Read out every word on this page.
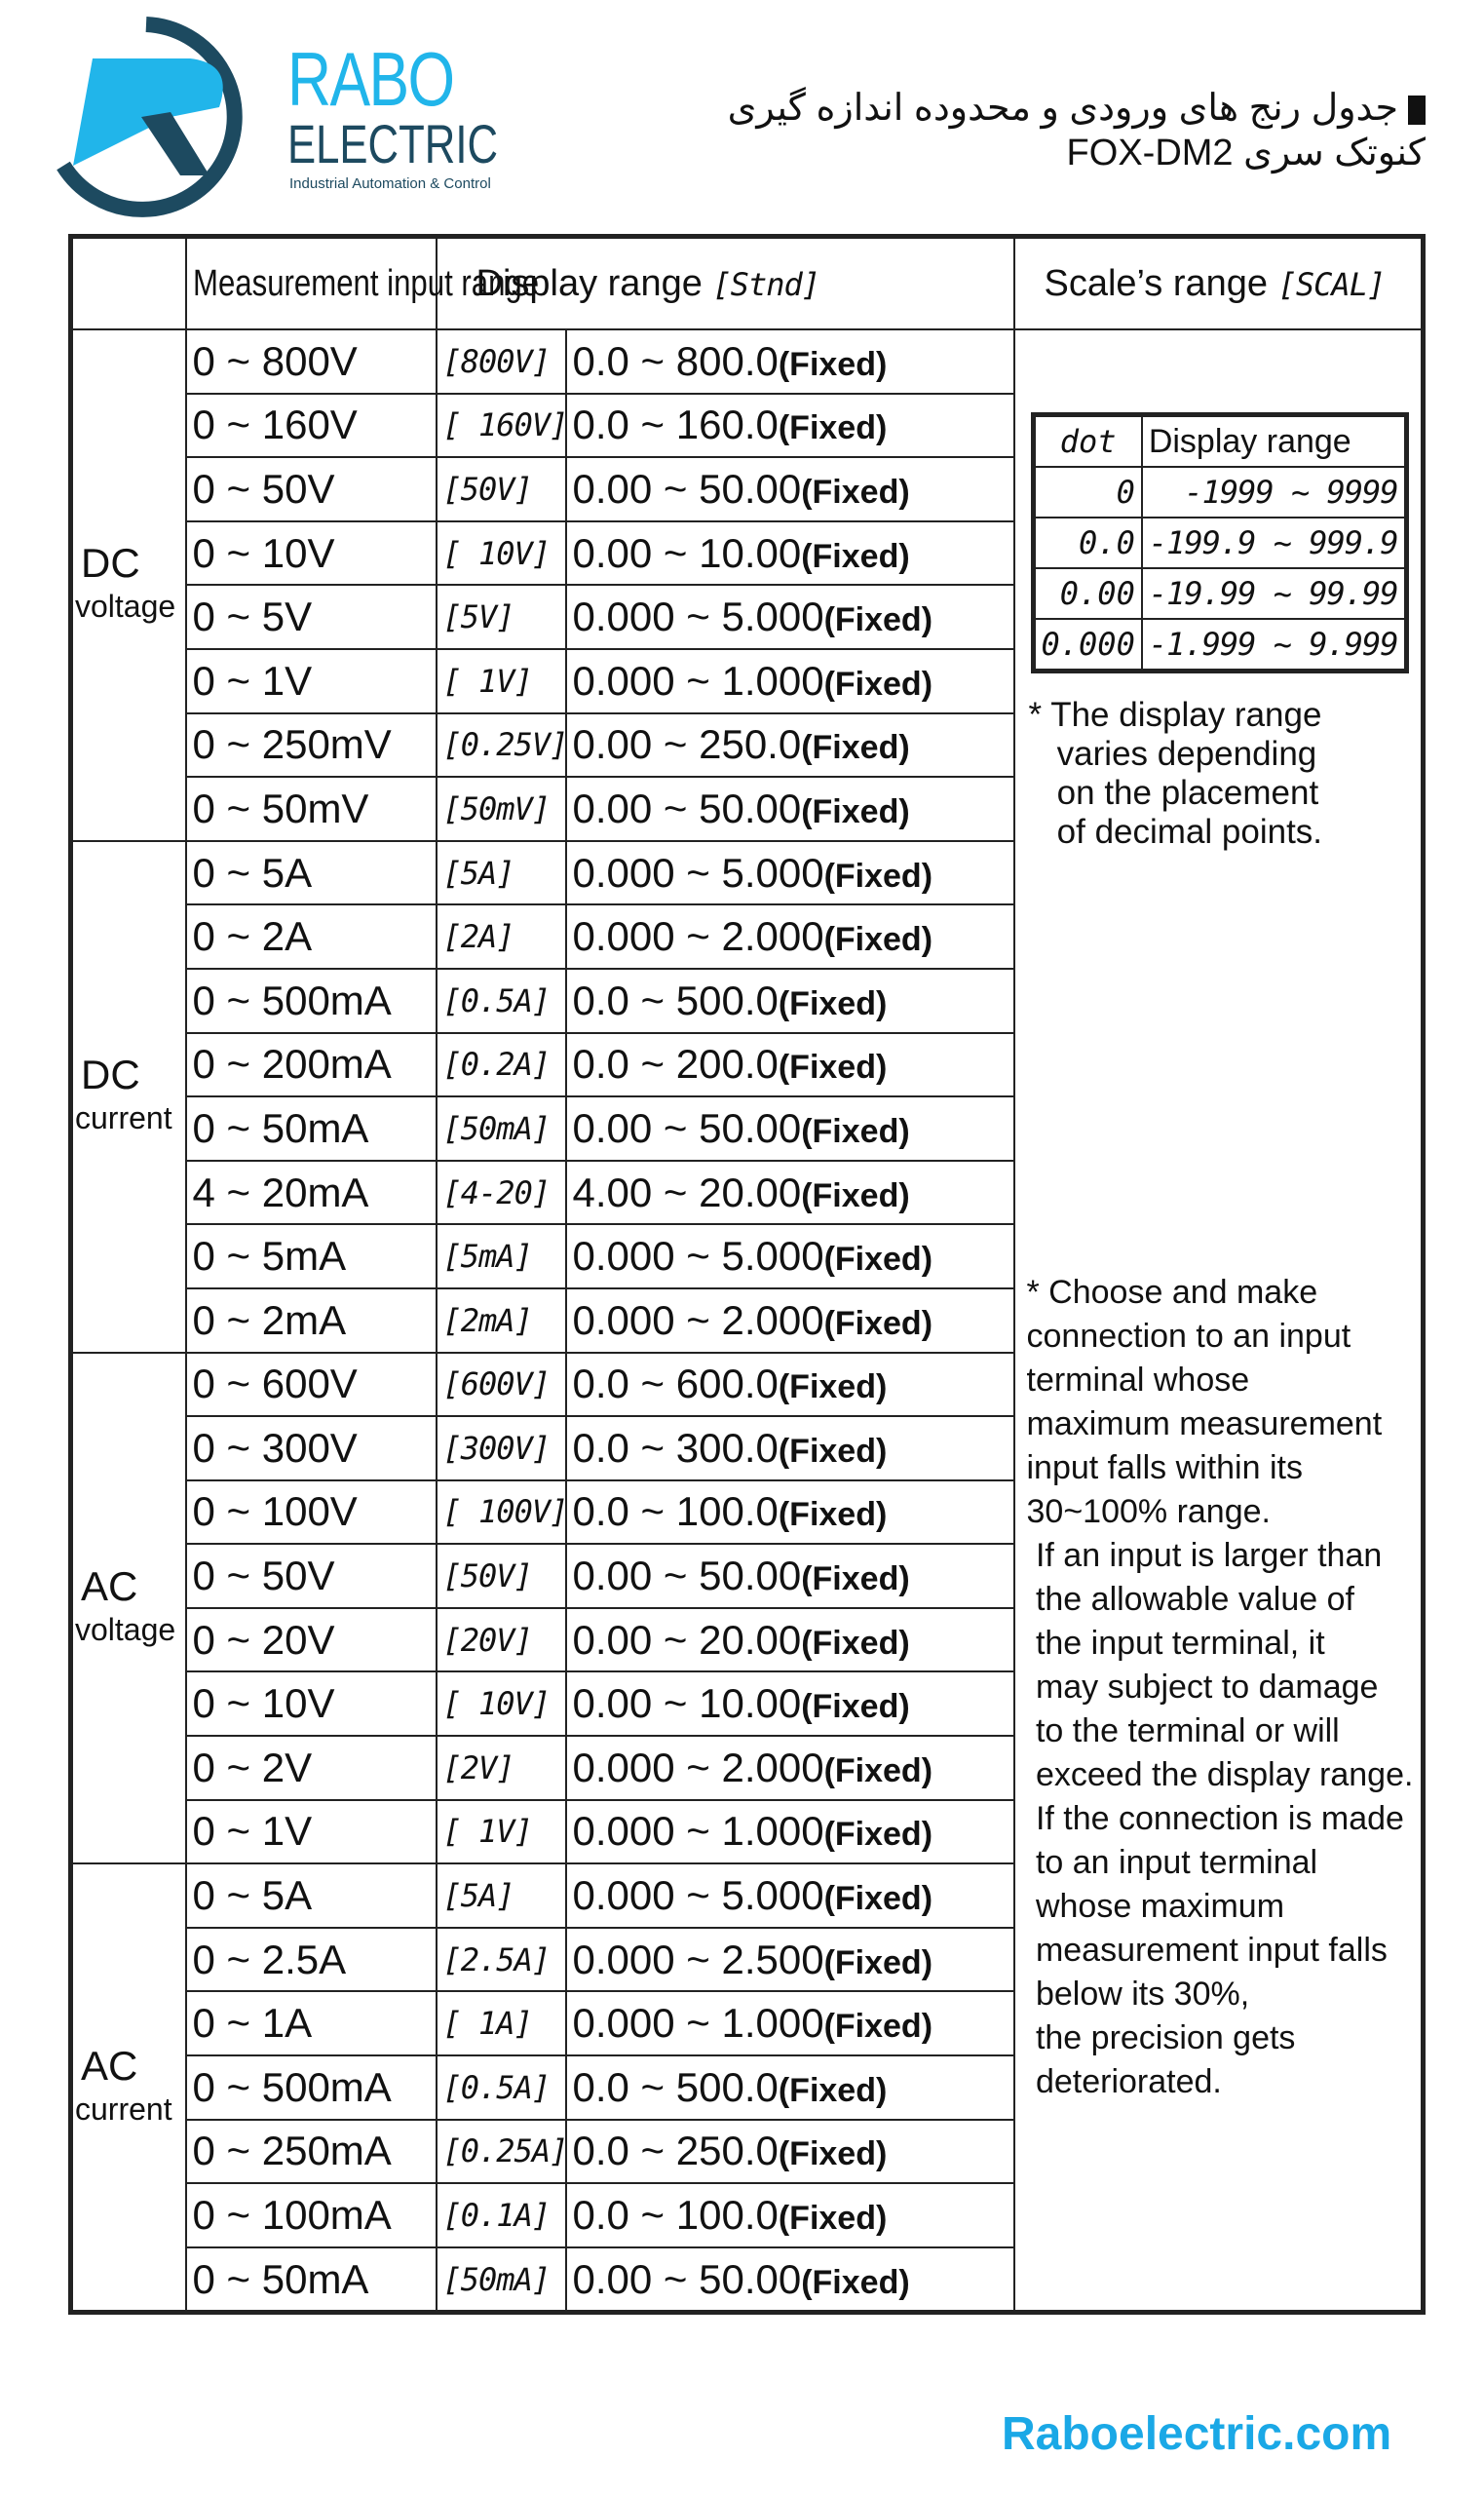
RABO
ELECTRIC
Industrial Automation & Control
جدول رنج های ورودی و محدوده اندازه گیری
کنوتک سری FOX-DM2
	Measurement input range	Display range [Stnd]	Scale’s range [SCAL]
DC
voltage
	0 ~ 800V	[800V]	0.0 ~ 800.0(Fixed)	
dot	Display range
0	-1999 ~ 9999
0.0	-199.9 ~ 999.9
0.00	-19.99 ~ 99.99
0.000	-1.999 ~ 9.999
* The display range
varies depending
on the placement
of decimal points.
* Choose and make
connection to an input
terminal whose
maximum measurement
input falls within its
30~100% range.
If an input is larger than
the allowable value of
the input terminal, it
may subject to damage
to the terminal or will
exceed the display range.
If the connection is made
to an input terminal
whose maximum
measurement input falls
below its 30%,
the precision gets
deteriorated.

0 ~ 160V	[ 160V]	0.0 ~ 160.0(Fixed)
0 ~ 50V	[50V]	0.00 ~ 50.00(Fixed)
0 ~ 10V	[ 10V]	0.00 ~ 10.00(Fixed)
0 ~ 5V	[5V]	0.000 ~ 5.000(Fixed)
0 ~ 1V	[ 1V]	0.000 ~ 1.000(Fixed)
0 ~ 250mV	[0.25V]	0.00 ~ 250.0(Fixed)
0 ~ 50mV	[50mV]	0.00 ~ 50.00(Fixed)
DC
current
	0 ~ 5A	[5A]	0.000 ~ 5.000(Fixed)
0 ~ 2A	[2A]	0.000 ~ 2.000(Fixed)
0 ~ 500mA	[0.5A]	0.0 ~ 500.0(Fixed)
0 ~ 200mA	[0.2A]	0.0 ~ 200.0(Fixed)
0 ~ 50mA	[50mA]	0.00 ~ 50.00(Fixed)
4 ~ 20mA	[4-20]	4.00 ~ 20.00(Fixed)
0 ~ 5mA	[5mA]	0.000 ~ 5.000(Fixed)
0 ~ 2mA	[2mA]	0.000 ~ 2.000(Fixed)
AC
voltage
	0 ~ 600V	[600V]	0.0 ~ 600.0(Fixed)
0 ~ 300V	[300V]	0.0 ~ 300.0(Fixed)
0 ~ 100V	[ 100V]	0.0 ~ 100.0(Fixed)
0 ~ 50V	[50V]	0.00 ~ 50.00(Fixed)
0 ~ 20V	[20V]	0.00 ~ 20.00(Fixed)
0 ~ 10V	[ 10V]	0.00 ~ 10.00(Fixed)
0 ~ 2V	[2V]	0.000 ~ 2.000(Fixed)
0 ~ 1V	[ 1V]	0.000 ~ 1.000(Fixed)
AC
current
	0 ~ 5A	[5A]	0.000 ~ 5.000(Fixed)
0 ~ 2.5A	[2.5A]	0.000 ~ 2.500(Fixed)
0 ~ 1A	[ 1A]	0.000 ~ 1.000(Fixed)
0 ~ 500mA	[0.5A]	0.0 ~ 500.0(Fixed)
0 ~ 250mA	[0.25A]	0.0 ~ 250.0(Fixed)
0 ~ 100mA	[0.1A]	0.0 ~ 100.0(Fixed)
0 ~ 50mA	[50mA]	0.00 ~ 50.00(Fixed)
Raboelectric.com
